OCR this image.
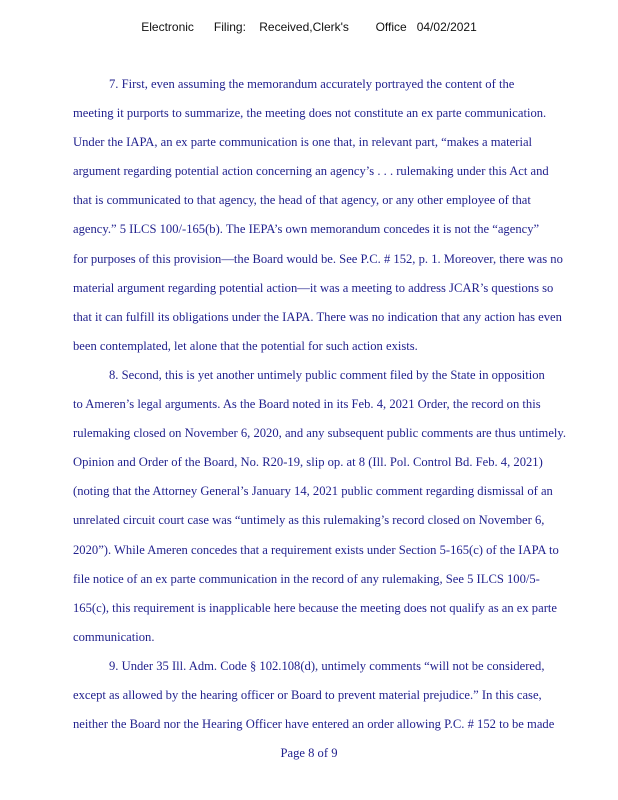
Electronic      Filing:    Received,Clerk's        Office   04/02/2021
7. First, even assuming the memorandum accurately portrayed the content of the
meeting it purports to summarize, the meeting does not constitute an ex parte communication.
Under the IAPA, an ex parte communication is one that, in relevant part, “makes a material
argument regarding potential action concerning an agency’s . . . rulemaking under this Act and
that is communicated to that agency, the head of that agency, or any other employee of that
agency.” 5 ILCS 100/-165(b). The IEPA’s own memorandum concedes it is not the “agency”
for purposes of this provision—the Board would be. See P.C. # 152, p. 1. Moreover, there was no
material argument regarding potential action—it was a meeting to address JCAR’s questions so
that it can fulfill its obligations under the IAPA. There was no indication that any action has even
been contemplated, let alone that the potential for such action exists.
8. Second, this is yet another untimely public comment filed by the State in opposition
to Ameren’s legal arguments. As the Board noted in its Feb. 4, 2021 Order, the record on this
rulemaking closed on November 6, 2020, and any subsequent public comments are thus untimely.
Opinion and Order of the Board, No. R20-19, slip op. at 8 (Ill. Pol. Control Bd. Feb. 4, 2021)
(noting that the Attorney General’s January 14, 2021 public comment regarding dismissal of an
unrelated circuit court case was “untimely as this rulemaking’s record closed on November 6,
2020”). While Ameren concedes that a requirement exists under Section 5-165(c) of the IAPA to
file notice of an ex parte communication in the record of any rulemaking, See 5 ILCS 100/5-
165(c), this requirement is inapplicable here because the meeting does not qualify as an ex parte
communication.
9. Under 35 Ill. Adm. Code § 102.108(d), untimely comments “will not be considered,
except as allowed by the hearing officer or Board to prevent material prejudice.” In this case,
neither the Board nor the Hearing Officer have entered an order allowing P.C. # 152 to be made
Page 8 of 9
